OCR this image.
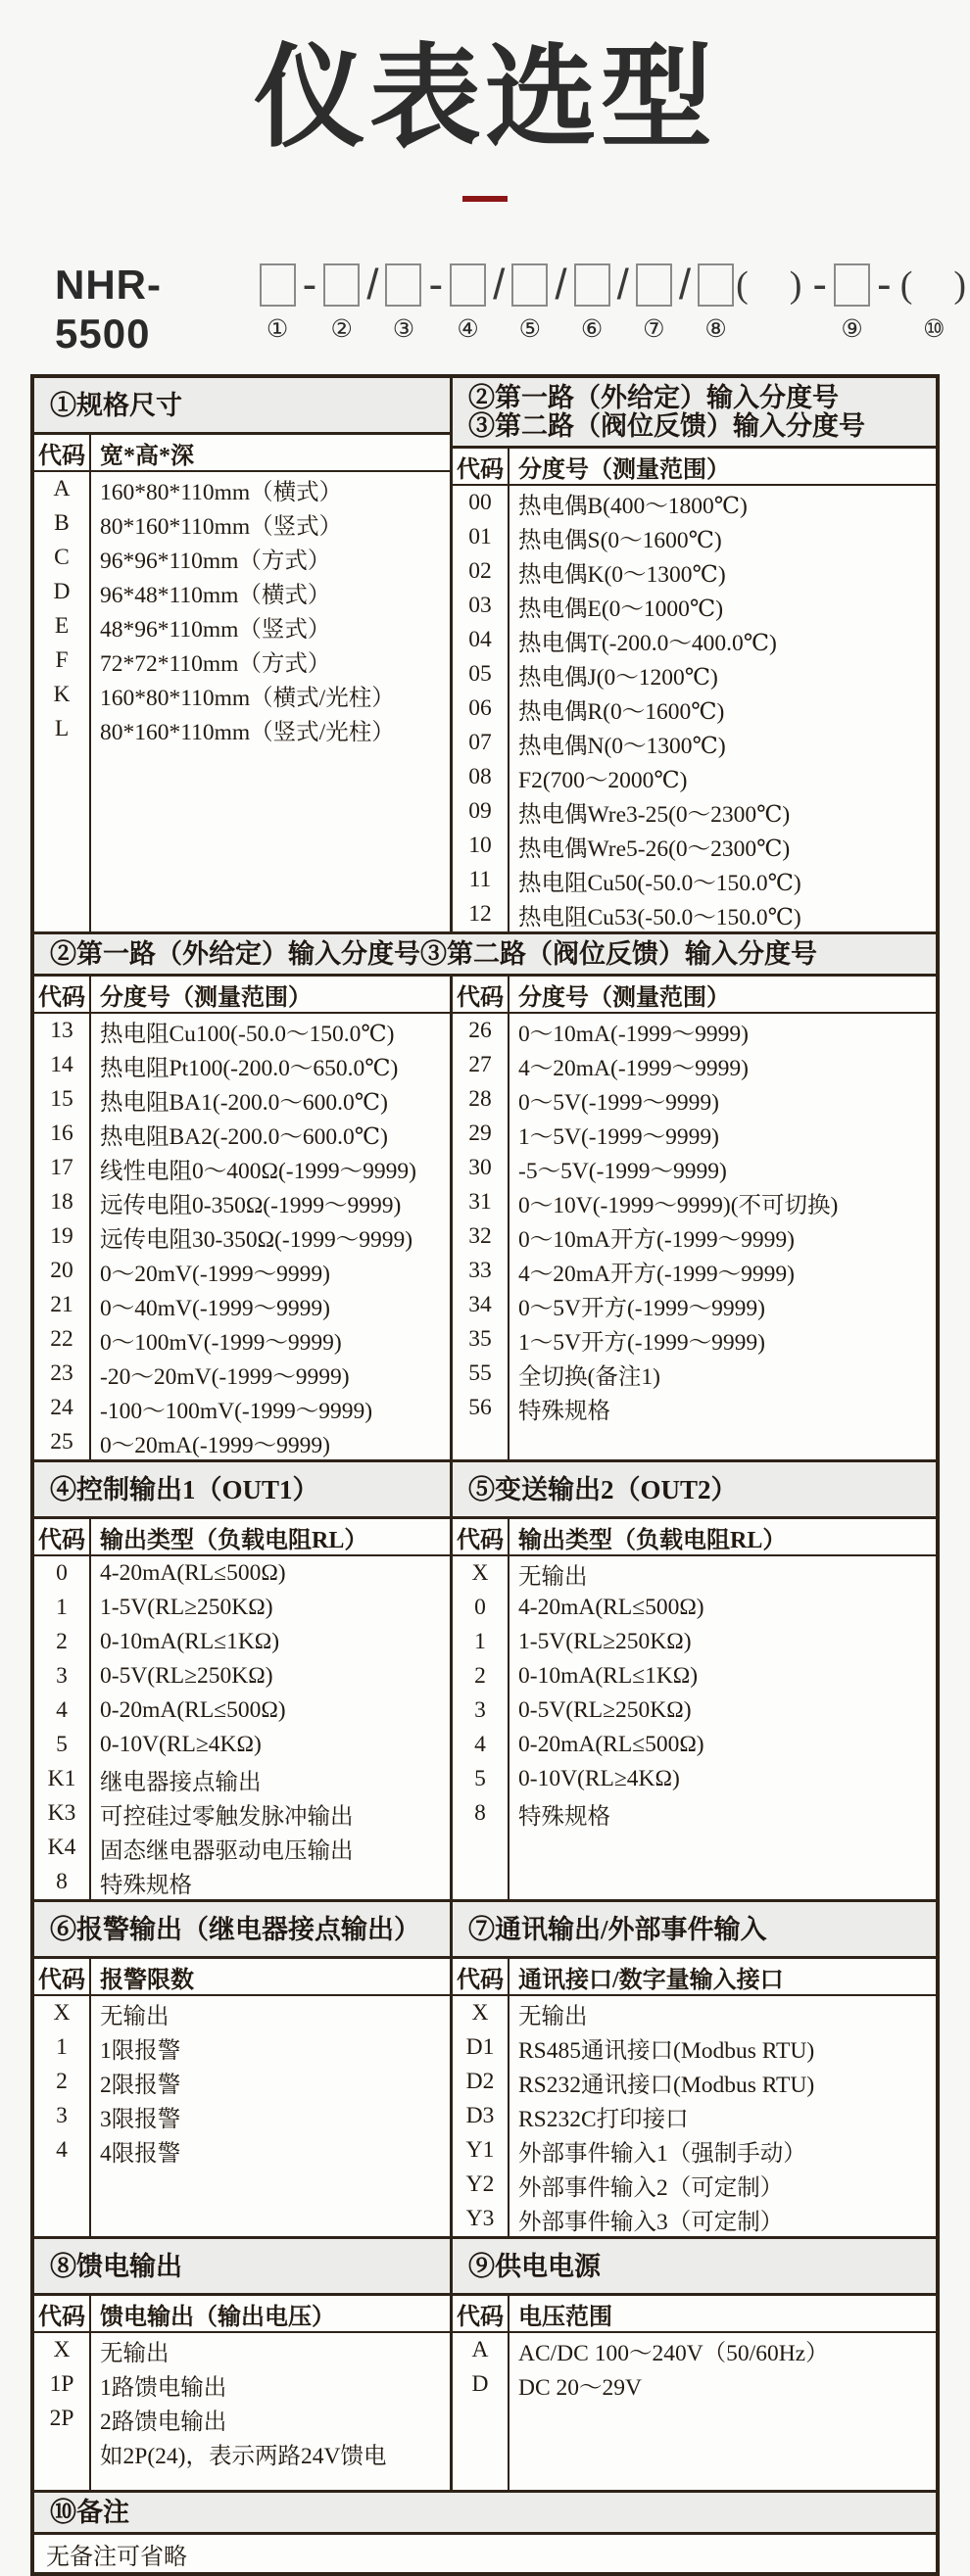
仪表选型
NHR-5500	①
-

②
/

③
-

④
/

⑤
/

⑥
/

⑦
/

⑧
(　)
-

⑨
-
(　)
⑩
①规格尺寸
代码 宽*高*深
A	160*80*110mm（横式）
B	80*160*110mm（竖式）
C	96*96*110mm（方式）
D	96*48*110mm（横式）
E	48*96*110mm（竖式）
F	72*72*110mm（方式）
K	160*80*110mm（横式/光柱）
L	80*160*110mm（竖式/光柱）
②第一路（外给定）输入分度号
③第二路（阀位反馈）输入分度号
代码 分度号（测量范围）
00	热电偶B(400～1800℃)
01	热电偶S(0～1600℃)
02	热电偶K(0～1300℃)
03	热电偶E(0～1000℃)
04	热电偶T(-200.0～400.0℃)
05	热电偶J(0～1200℃)
06	热电偶R(0～1600℃)
07	热电偶N(0～1300℃)
08	F2(700～2000℃)
09	热电偶Wre3-25(0～2300℃)
10	热电偶Wre5-26(0～2300℃)
11	热电阻Cu50(-50.0～150.0℃)
12	热电阻Cu53(-50.0～150.0℃)
②第一路（外给定）输入分度号③第二路（阀位反馈）输入分度号
代码 分度号（测量范围）
13	热电阻Cu100(-50.0～150.0℃)
14	热电阻Pt100(-200.0～650.0℃)
15	热电阻BA1(-200.0～600.0℃)
16	热电阻BA2(-200.0～600.0℃)
17	线性电阻0～400Ω(-1999～9999)
18	远传电阻0-350Ω(-1999～9999)
19	远传电阻30-350Ω(-1999～9999)
20	0～20mV(-1999～9999)
21	0～40mV(-1999～9999)
22	0～100mV(-1999～9999)
23	-20～20mV(-1999～9999)
24	-100～100mV(-1999～9999)
25	0～20mA(-1999～9999)
代码 分度号（测量范围）
26	0～10mA(-1999～9999)
27	4～20mA(-1999～9999)
28	0～5V(-1999～9999)
29	1～5V(-1999～9999)
30	-5～5V(-1999～9999)
31	0～10V(-1999～9999)(不可切换)
32	0～10mA开方(-1999～9999)
33	4～20mA开方(-1999～9999)
34	0～5V开方(-1999～9999)
35	1～5V开方(-1999～9999)
55	全切换(备注1)
56	特殊规格
④控制输出1（OUT1）
代码 输出类型（负载电阻RL）
0	4-20mA(RL≤500Ω)
1	1-5V(RL≥250KΩ)
2	0-10mA(RL≤1KΩ)
3	0-5V(RL≥250KΩ)
4	0-20mA(RL≤500Ω)
5	0-10V(RL≥4KΩ)
K1	继电器接点输出
K3	可控硅过零触发脉冲输出
K4	固态继电器驱动电压输出
8	特殊规格
⑤变送输出2（OUT2）
代码 输出类型（负载电阻RL）
X	无输出
0	4-20mA(RL≤500Ω)
1	1-5V(RL≥250KΩ)
2	0-10mA(RL≤1KΩ)
3	0-5V(RL≥250KΩ)
4	0-20mA(RL≤500Ω)
5	0-10V(RL≥4KΩ)
8	特殊规格
⑥报警输出（继电器接点输出）
代码 报警限数
X	无输出
1	1限报警
2	2限报警
3	3限报警
4	4限报警
⑦通讯输出/外部事件输入
代码 通讯接口/数字量输入接口
X	无输出
D1	RS485通讯接口(Modbus RTU)
D2	RS232通讯接口(Modbus RTU)
D3	RS232C打印接口
Y1	外部事件输入1（强制手动）
Y2	外部事件输入2（可定制）
Y3	外部事件输入3（可定制）
⑧馈电输出
代码 馈电输出（输出电压）
X	无输出
1P	1路馈电输出
2P	2路馈电输出
如2P(24)，表示两路24V馈电
⑨供电电源
代码 电压范围
A	AC/DC 100～240V（50/60Hz）
D	DC 20～29V
⑩备注
无备注可省略
